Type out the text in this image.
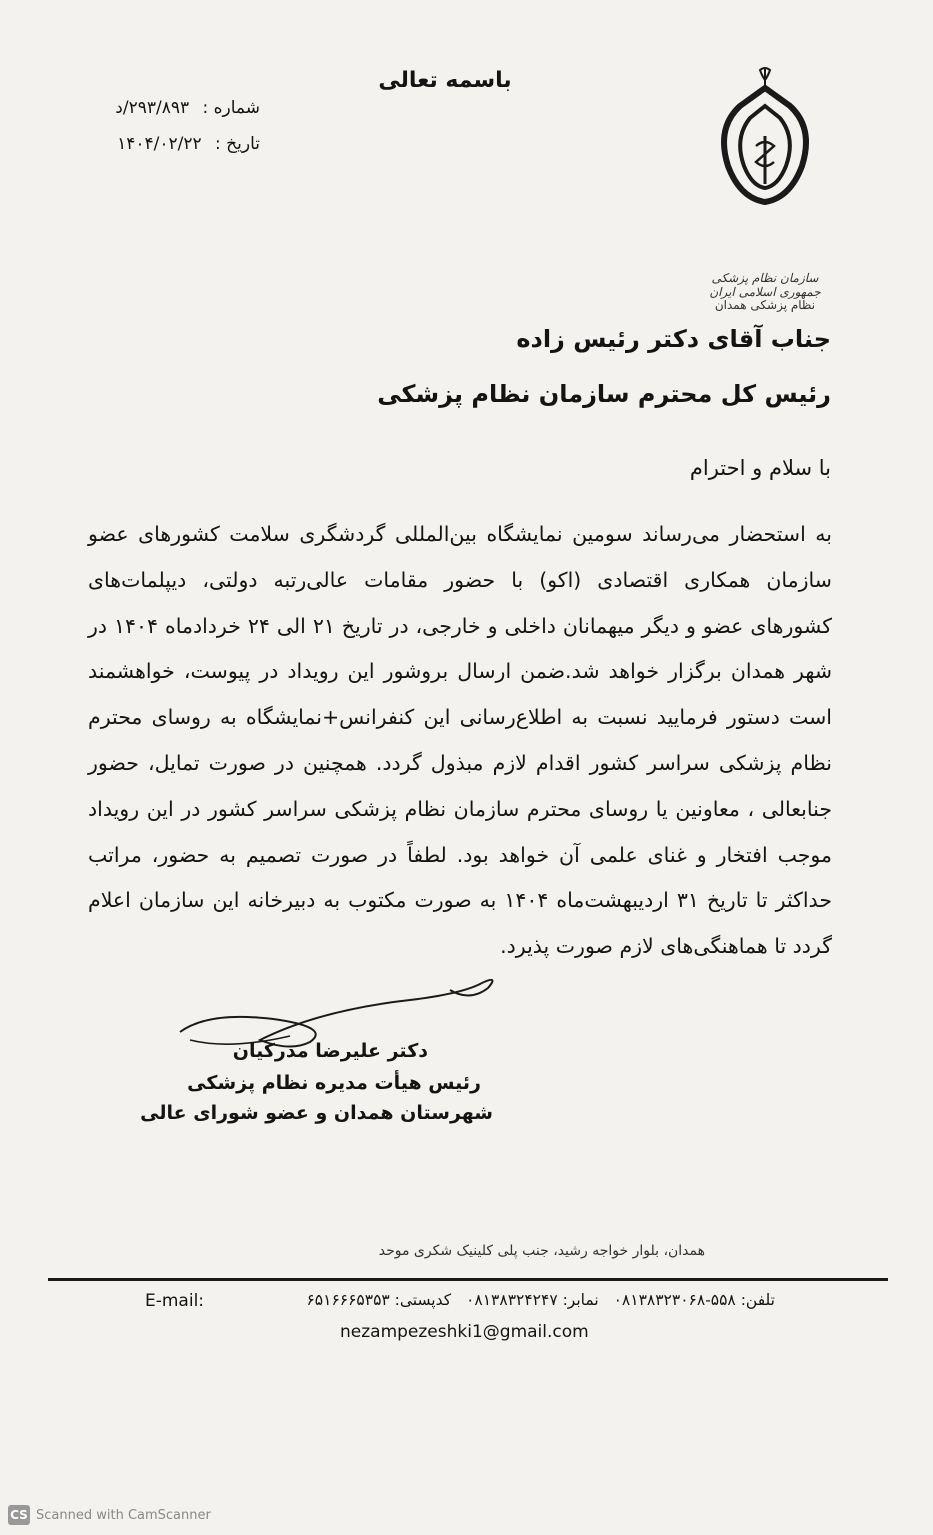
باسمه تعالی
شماره : ۲۹۳/۸۹۳/د
تاریخ : ۱۴۰۴/۰۲/۲۲
سازمان نظام پزشکی جمهوری اسلامی ایران
نظام پزشکی همدان
جناب آقای دکتر رئیس زاده
رئیس کل محترم سازمان نظام پزشکی
با سلام و احترام
به استحضار می‌رساند سومین نمایشگاه بین‌المللی گردشگری سلامت کشورهای عضو سازمان همکاری اقتصادی (اکو) با حضور مقامات عالی‌رتبه دولتی، دیپلمات‌های کشورهای عضو و دیگر میهمانان داخلی و خارجی، در تاریخ ۲۱ الی ۲۴ خردادماه ۱۴۰۴ در شهر همدان برگزار خواهد شد.ضمن ارسال بروشور این رویداد در پیوست، خواهشمند است دستور فرمایید نسبت به اطلاع‌رسانی این کنفرانس+نمایشگاه به روسای محترم نظام پزشکی سراسر کشور اقدام لازم مبذول گردد. همچنین در صورت تمایل، حضور جنابعالی ، معاونین یا روسای محترم سازمان نظام پزشکی سراسر کشور در این رویداد موجب افتخار و غنای علمی آن خواهد بود. لطفاً در صورت تصمیم به حضور، مراتب حداکثر تا تاریخ ۳۱ اردیبهشت‌ماه ۱۴۰۴ به صورت مکتوب به دبیرخانه این سازمان اعلام گردد تا هماهنگی‌های لازم صورت پذیرد.
دکتر علیرضا مدرکیان
رئیس هیأت مدیره نظام پزشکی
شهرستان همدان و عضو شورای عالی
همدان، بلوار خواجه رشید، جنب پلی کلینیک شکری موحد
تلفن: ۵۵۸-۰۸۱۳۸۳۲۳۰۶۸ نمابر: ۰۸۱۳۸۳۲۴۲۴۷ کدپستی: ۶۵۱۶۶۶۵۳۵۳
E-mail:
nezampezeshki1@gmail.com
CS Scanned with CamScanner
